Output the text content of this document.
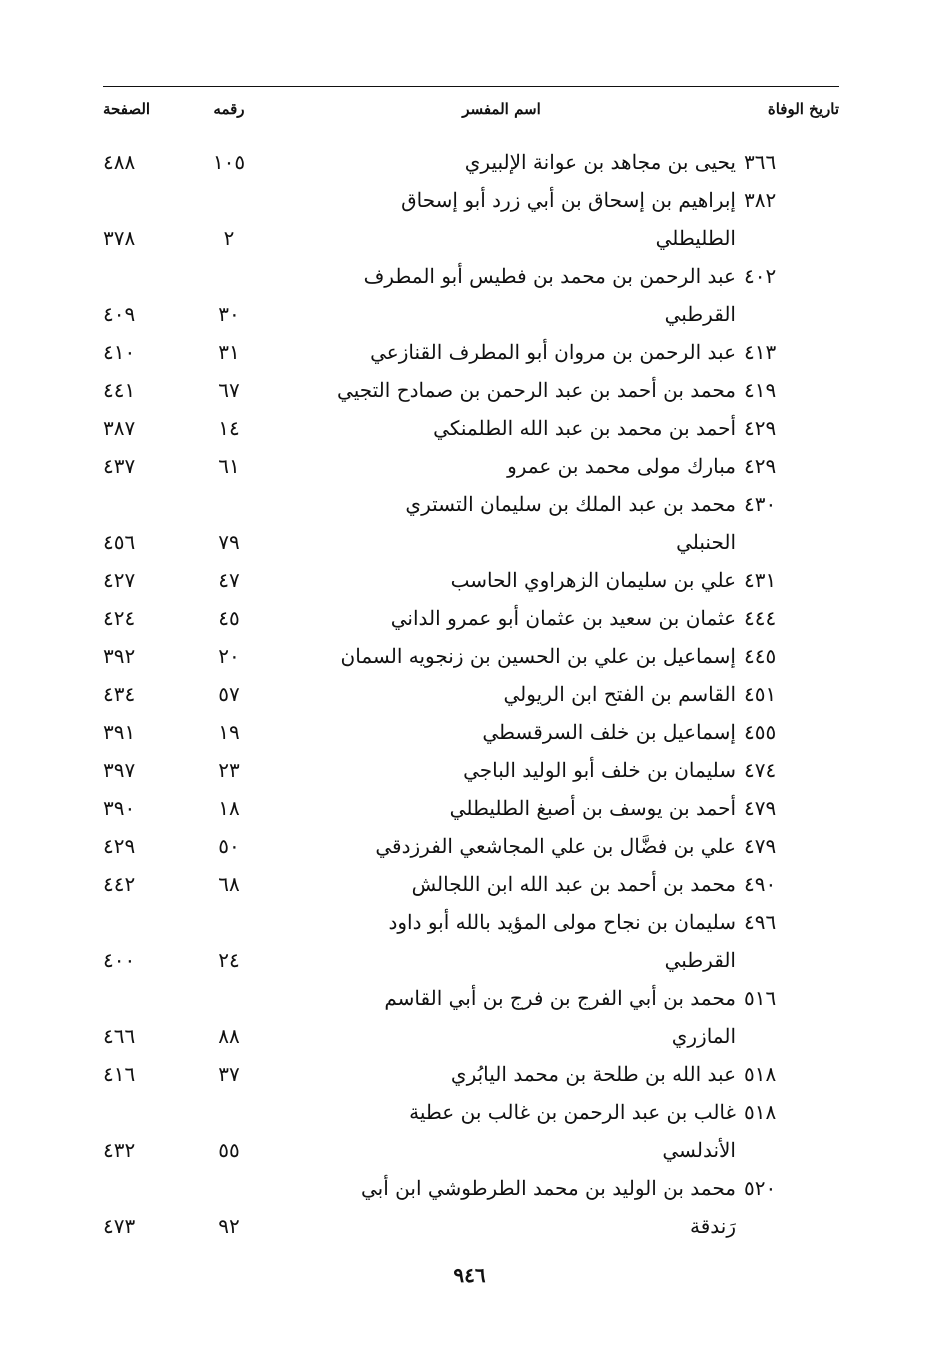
تاريخ الوفاة
اسم المفسر
رقمه
الصفحة
٣٦٦
يحيى بن مجاهد بن عوانة الإلبيري
١٠٥
٤٨٨
٣٨٢
إبراهيم بن إسحاق بن أبي زرد أبو إسحاق
الطليطلي
٢
٣٧٨
٤٠٢
عبد الرحمن بن محمد بن فطيس أبو المطرف
القرطبي
٣٠
٤٠٩
٤١٣
عبد الرحمن بن مروان أبو المطرف القنازعي
٣١
٤١٠
٤١٩
محمد بن أحمد بن عبد الرحمن بن صمادح التجيي
٦٧
٤٤١
٤٢٩
أحمد بن محمد بن عبد الله الطلمنكي
١٤
٣٨٧
٤٢٩
مبارك مولى محمد بن عمرو
٦١
٤٣٧
٤٣٠
محمد بن عبد الملك بن سليمان التستري
الحنبلي
٧٩
٤٥٦
٤٣١
علي بن سليمان الزهراوي الحاسب
٤٧
٤٢٧
٤٤٤
عثمان بن سعيد بن عثمان أبو عمرو الداني
٤٥
٤٢٤
٤٤٥
إسماعيل بن علي بن الحسين بن زنجويه السمان
٢٠
٣٩٢
٤٥١
القاسم بن الفتح ابن الريولي
٥٧
٤٣٤
٤٥٥
إسماعيل بن خلف السرقسطي
١٩
٣٩١
٤٧٤
سليمان بن خلف أبو الوليد الباجي
٢٣
٣٩٧
٤٧٩
أحمد بن يوسف بن أصبغ الطليطلي
١٨
٣٩٠
٤٧٩
علي بن فضَّال بن علي المجاشعي الفرزدقي
٥٠
٤٢٩
٤٩٠
محمد بن أحمد بن عبد الله ابن اللجالش
٦٨
٤٤٢
٤٩٦
سليمان بن نجاح مولى المؤيد بالله أبو داود
القرطبي
٢٤
٤٠٠
٥١٦
محمد بن أبي الفرج بن فرج بن أبي القاسم
المازري
٨٨
٤٦٦
٥١٨
عبد الله بن طلحة بن محمد اليابُري
٣٧
٤١٦
٥١٨
غالب بن عبد الرحمن بن غالب بن عطية
الأندلسي
٥٥
٤٣٢
٥٢٠
محمد بن الوليد بن محمد الطرطوشي ابن أبي
رَندقة
٩٢
٤٧٣
٩٤٦
